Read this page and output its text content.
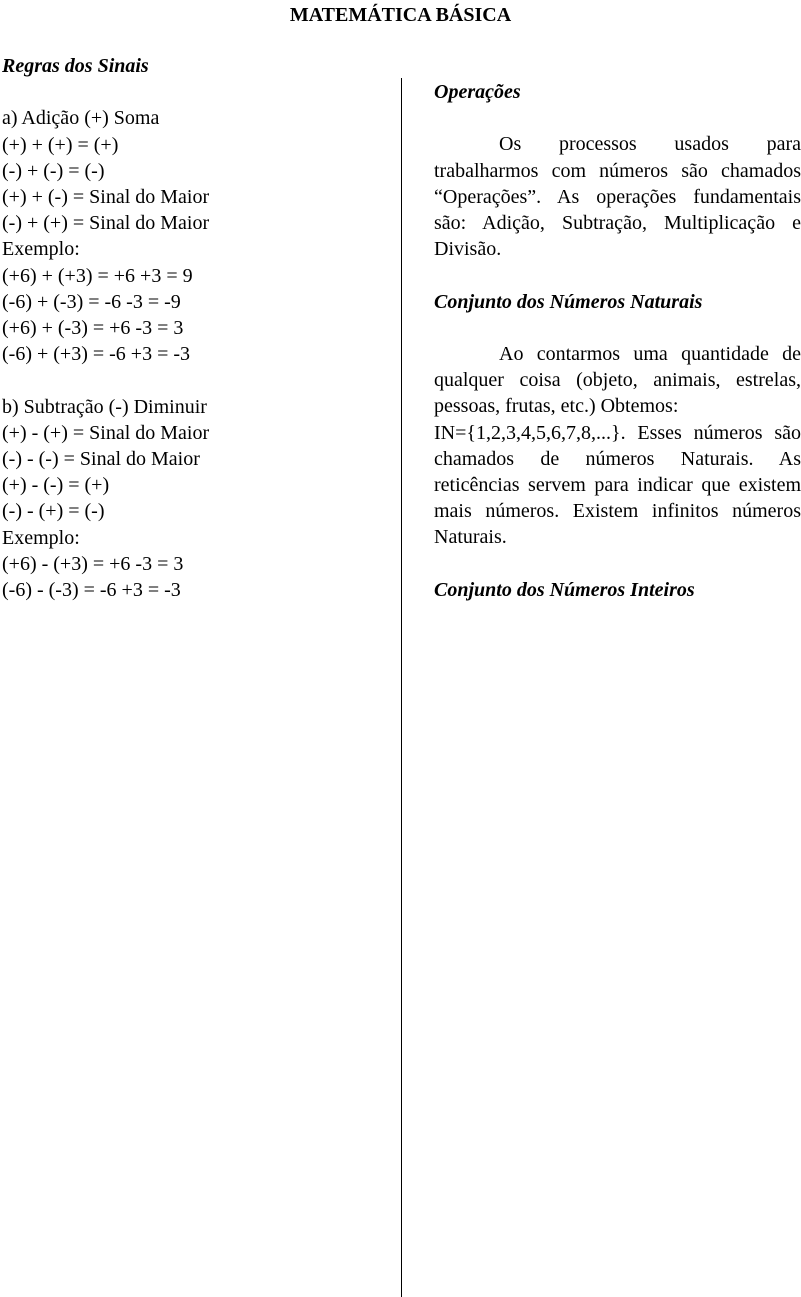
MATEMÁTICA BÁSICA

Regras dos Sinais

a) Adição (+) Soma
(+) + (+) = (+)
(-) + (-) = (-)
(+) + (-) = Sinal do Maior
(-) + (+) = Sinal do Maior
Exemplo:
(+6) + (+3) = +6 +3 = 9
(-6) + (-3) = -6 -3 = -9
(+6) + (-3) = +6 -3 = 3
(-6) + (+3) = -6 +3 = -3
b) Subtração (-) Diminuir
(+) - (+) = Sinal do Maior
(-) - (-) = Sinal do Maior
(+) - (-) = (+)
(-) - (+) = (-)
Exemplo:
(+6) - (+3) = +6 -3 = 3
(-6) - (-3) = -6 +3 = -3

Operações

Os processos usados para trabalharmos com números são chamados “Operações”. As operações fundamentais são: Adição, Subtração, Multiplicação e Divisão.

Conjunto dos Números Naturais

Ao contarmos uma quantidade de qualquer coisa (objeto, animais, estrelas, pessoas, frutas, etc.) Obtemos:

IN={1,2,3,4,5,6,7,8,...}. Esses números são chamados de números Naturais. As reticências servem para indicar que existem mais números. Existem infinitos números Naturais.

Conjunto dos Números Inteiros
